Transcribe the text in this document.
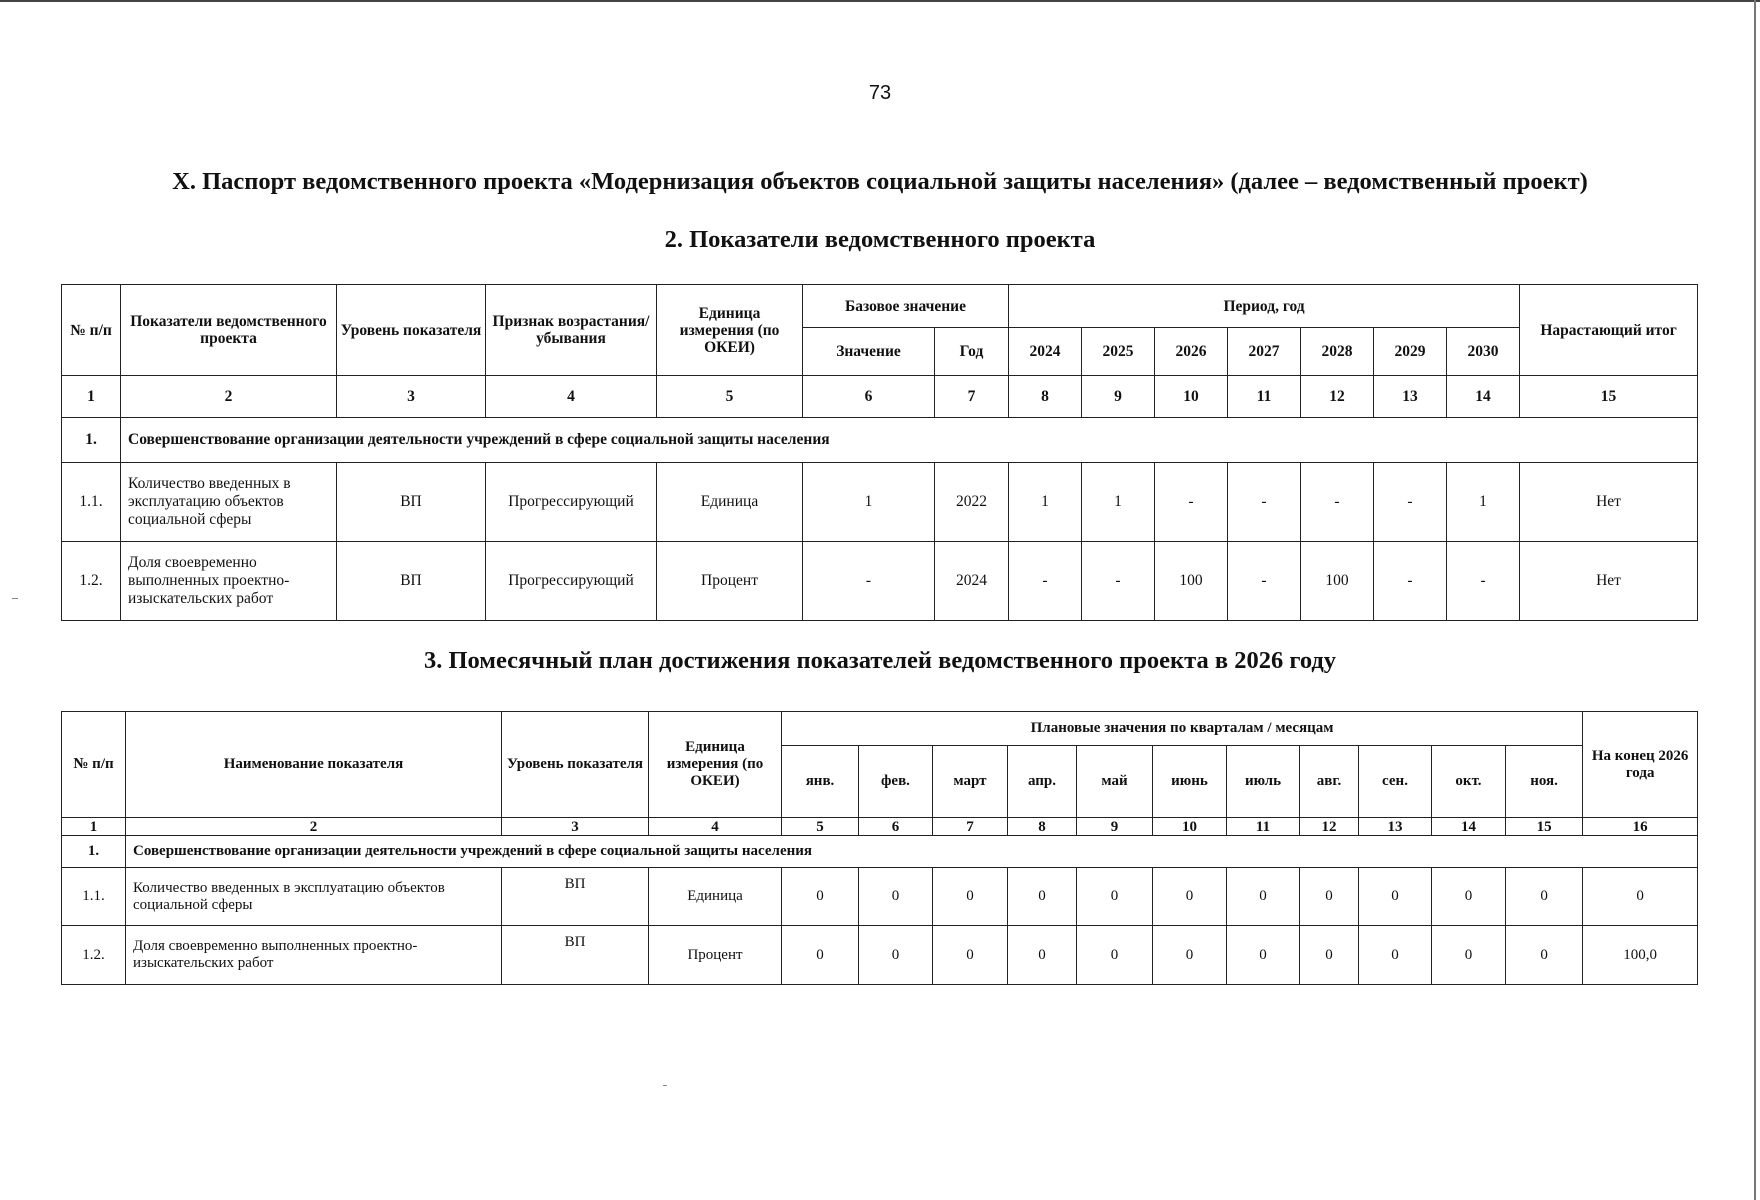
73
Х. Паспорт ведомственного проекта «Модернизация объектов социальной защиты населения» (далее – ведомственный проект)
2. Показатели ведомственного проекта
№ п/п	Показатели ведомственного проекта	Уровень показателя	Признак возрастания/ убывания	Единица измерения (по ОКЕИ)	Базовое значение		Период, год							Нарастающий итог
					Значение	Год	2024	2025	2026	2027	2028	2029	2030	
1	2	3	4	5	6	7	8	9	10	11	12	13	14	15
1.	Совершенствование организации деятельности учреждений в сфере социальной защиты населения													
1.1.	Количество введенных в эксплуатацию объектов социальной сферы	ВП	Прогрессирующий	Единица	1	2022	1	1	-	-	-	-	1	Нет
1.2.	Доля своевременно выполненных проектно-изыскательских работ	ВП	Прогрессирующий	Процент	-	2024	-	-	100	-	100	-	-	Нет
3. Помесячный план достижения показателей ведомственного проекта в 2026 году
№ п/п	Наименование показателя	Уровень показателя	Единица измерения (по ОКЕИ)	Плановые значения по кварталам / месяцам											На конец 2026 года
				янв.	фев.	март	апр.	май	июнь	июль	авг.	сен.	окт.	ноя.	
1	2	3	4	5	6	7	8	9	10	11	12	13	14	15	16
1.	Совершенствование организации деятельности учреждений в сфере социальной защиты населения														
1.1.	Количество введенных в эксплуатацию объектов социальной сферы	ВП	Единица	0	0	0	0	0	0	0	0	0	0	0	0
1.2.	Доля своевременно выполненных проектно-изыскательских работ	ВП	Процент	0	0	0	0	0	0	0	0	0	0	0	100,0
